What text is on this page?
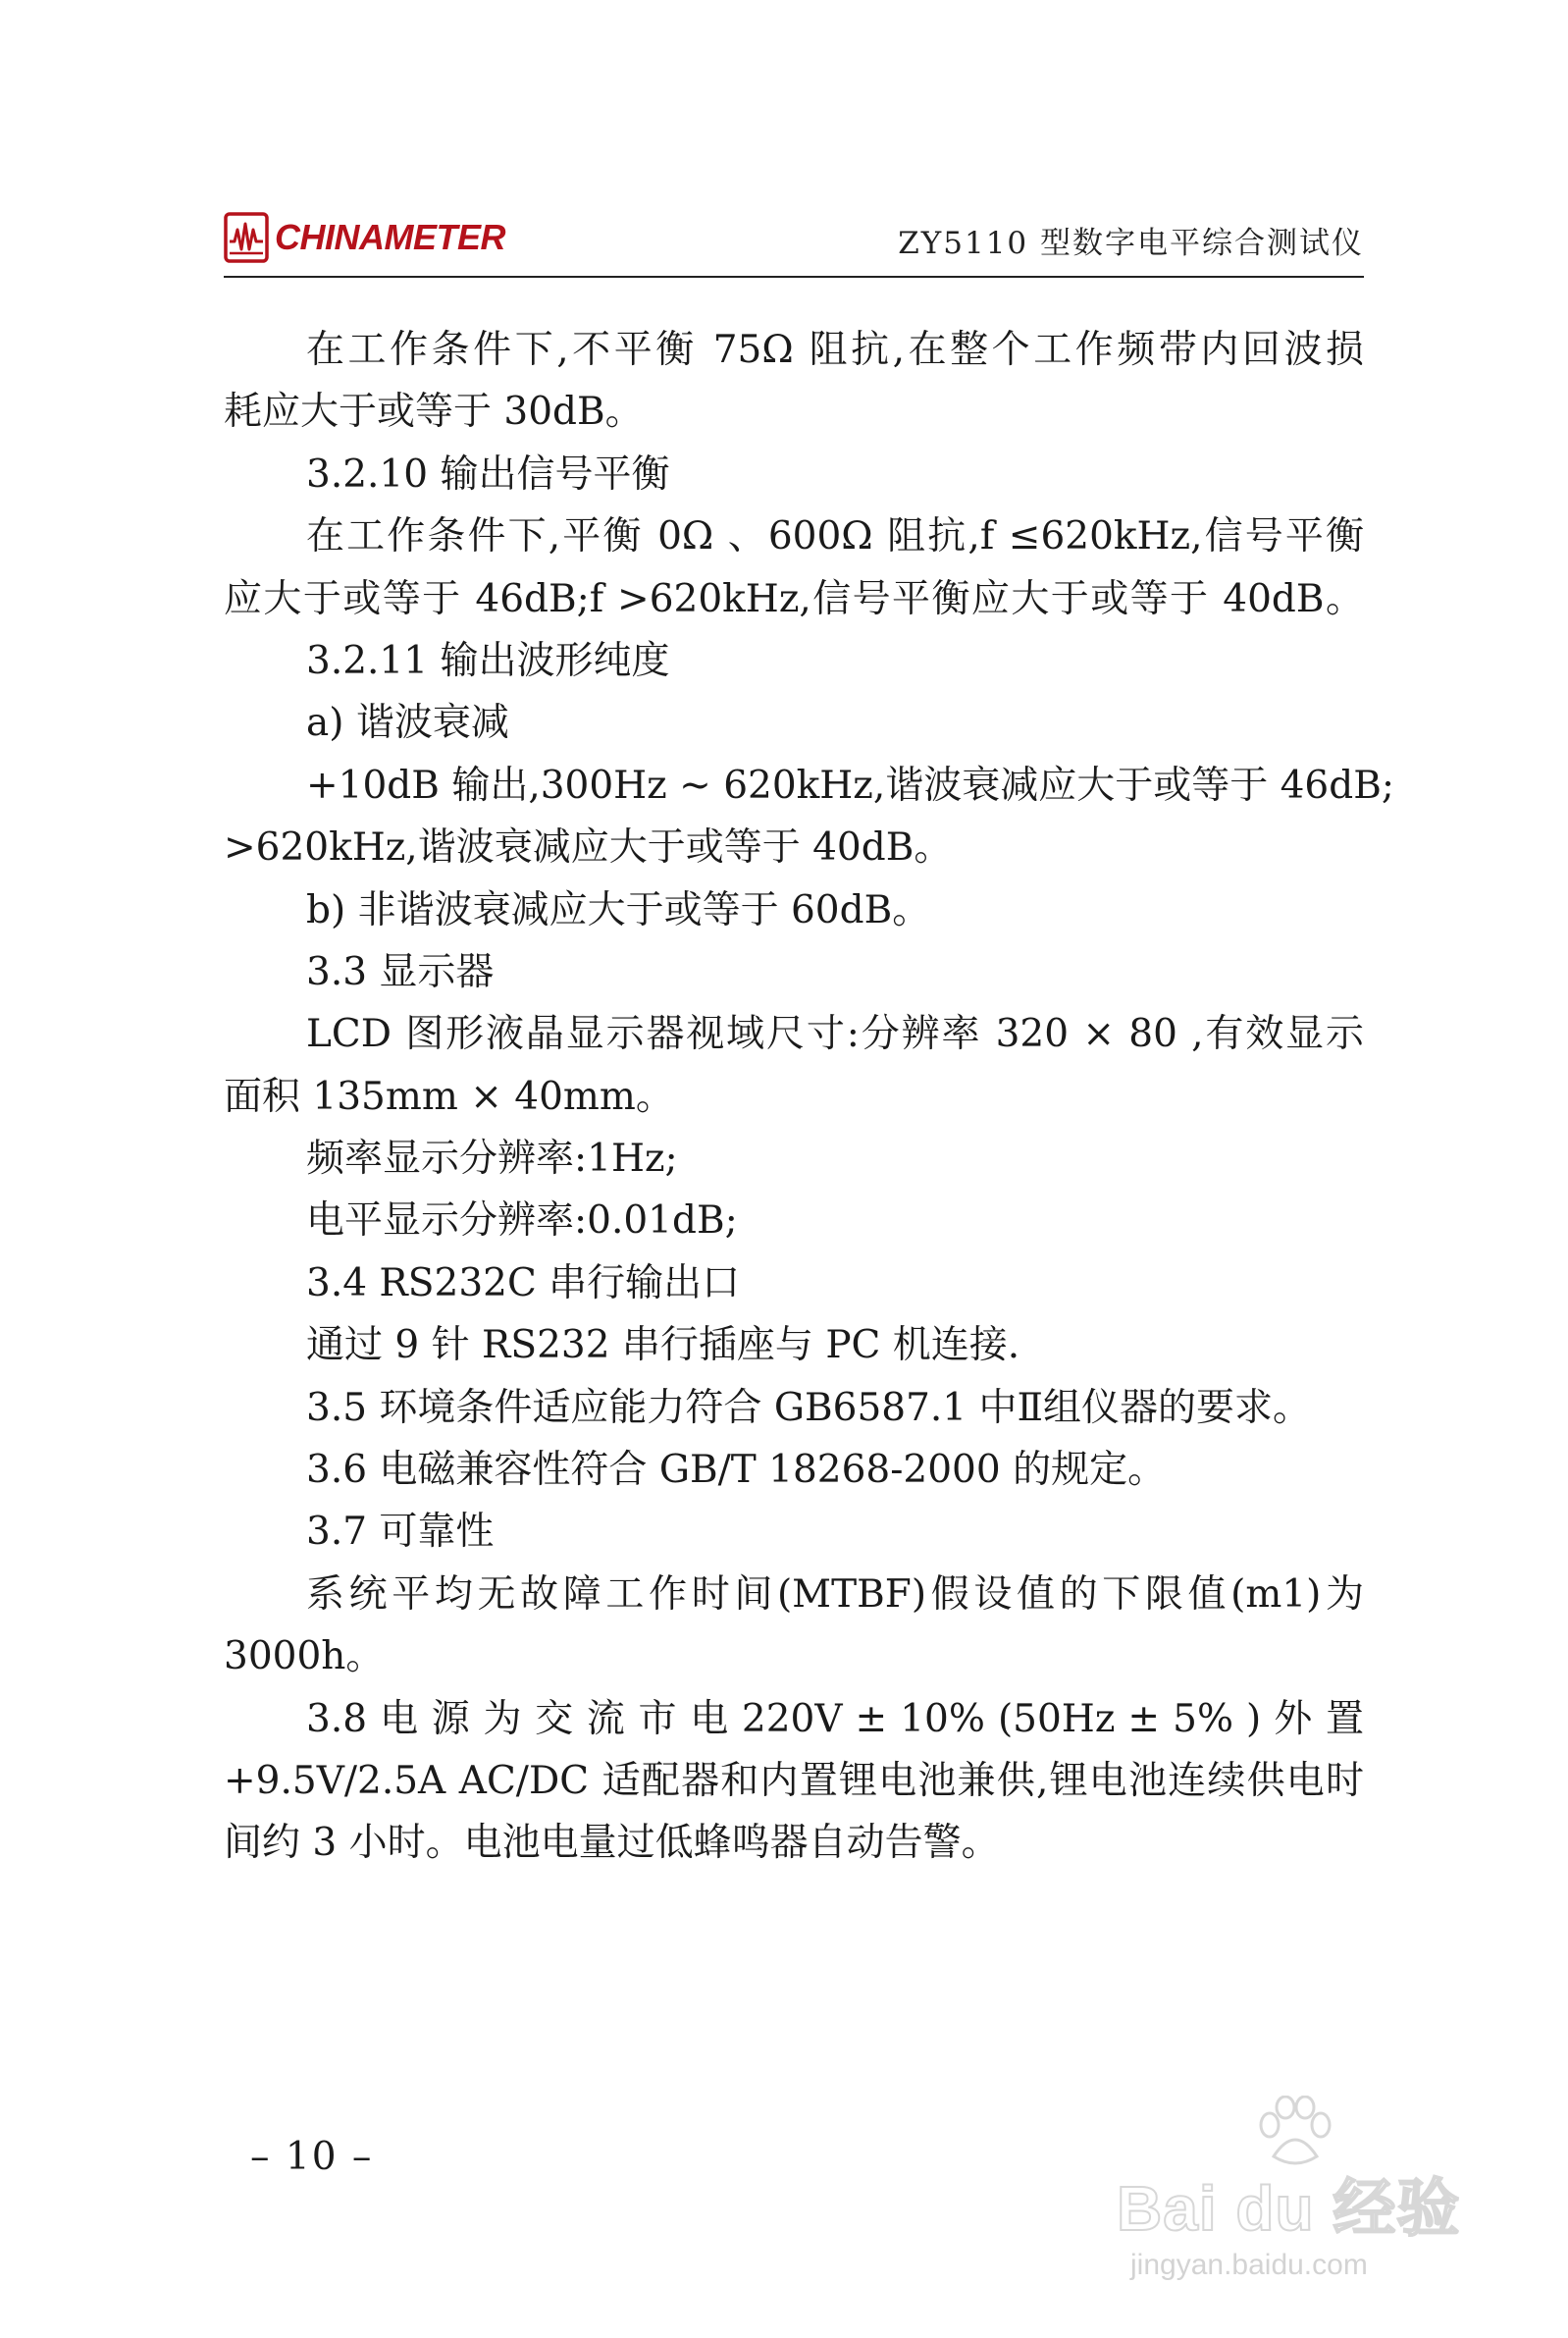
CHINAMETER	ZY5110 型数字电平综合测试仪
在工作条件下,不平衡 75Ω 阻抗,在整个工作频带内回波损
耗应大于或等于 30dB。
3.2.10 输出信号平衡
在工作条件下,平衡 0Ω 、600Ω 阻抗,f ≤620kHz,信号平衡
应大于或等于 46dB;f >620kHz,信号平衡应大于或等于 40dB。
3.2.11 输出波形纯度
a) 谐波衰减
+10dB 输出,300Hz ~ 620kHz,谐波衰减应大于或等于 46dB;
>620kHz,谐波衰减应大于或等于 40dB。
b) 非谐波衰减应大于或等于 60dB。
3.3 显示器
LCD 图形液晶显示器视域尺寸:分辨率 320 × 80 ,有效显示
面积 135mm × 40mm。
频率显示分辨率:1Hz;
电平显示分辨率:0.01dB;
3.4 RS232C 串行输出口
通过 9 针 RS232 串行插座与 PC 机连接.
3.5 环境条件适应能力符合 GB6587.1 中Ⅱ组仪器的要求。
3.6 电磁兼容性符合 GB/T 18268-2000 的规定。
3.7 可靠性
系统平均无故障工作时间(MTBF)假设值的下限值(m1)为
3000h。
3.8 电 源 为 交 流 市 电 220V ± 10% (50Hz ± 5% ) 外 置
+9.5V/2.5A AC/DC 适配器和内置锂电池兼供,锂电池连续供电时
间约 3 小时。电池电量过低蜂鸣器自动告警。
– 10 –
Bai du 经验
jingyan.baidu.com
